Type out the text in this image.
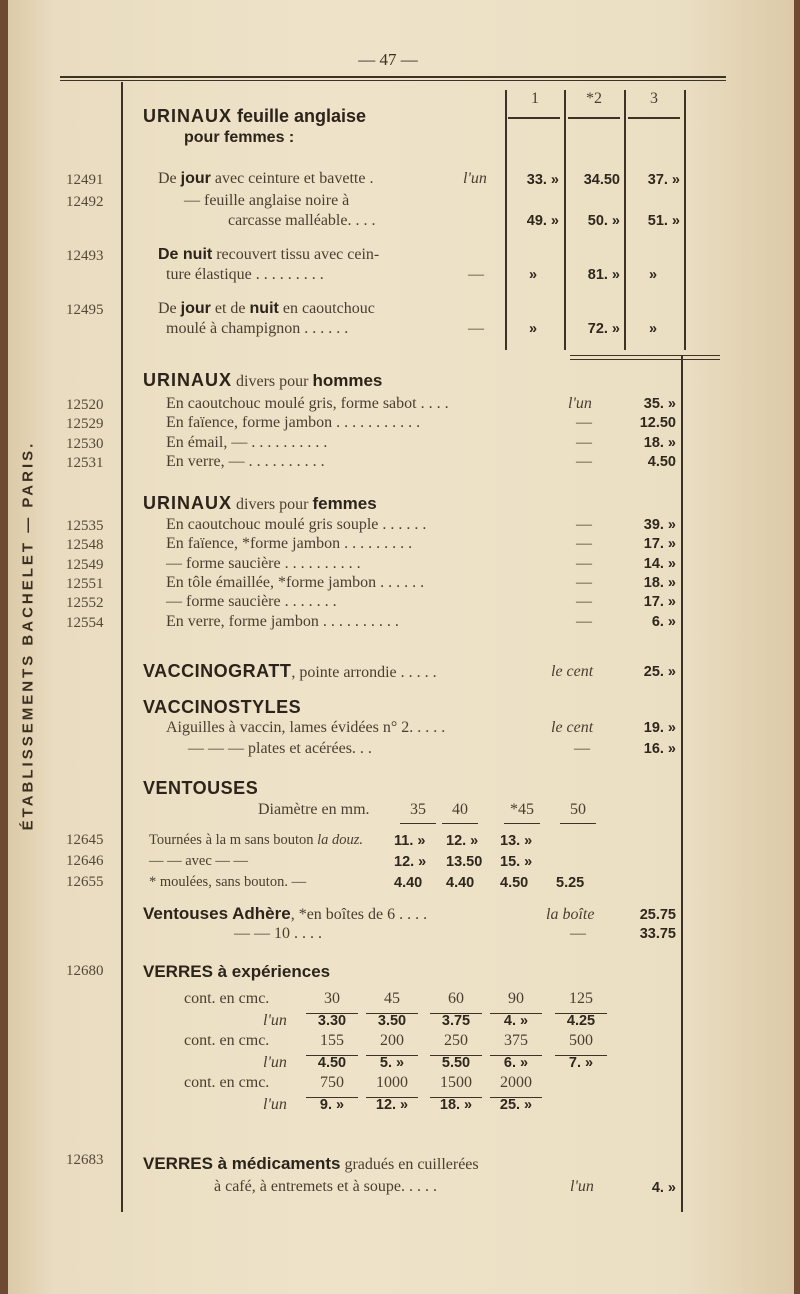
ÉTABLISSEMENTS BACHELET — PARIS.
— 47 —
1	*2	3
URINAUX feuille anglaise
pour femmes :
12491	De jour avec ceinture et bavette .	l'un	33. »	34.50	37. »
12492	— feuille anglaise noire à
carcasse malléable. . . .	49. »	50. »	51. »
12493	De nuit recouvert tissu avec cein-
ture élastique . . . . . . . . .	—	»	81. »	»
12495	De jour et de nuit en caoutchouc
moulé à champignon . . . . . .	—	»	72. »	»
URINAUX divers pour hommes
12520	En caoutchouc moulé gris, forme sabot . . . .	l'un	35. »
12529	En faïence, forme jambon . . . . . . . . . . .	—	12.50
12530	En émail, — . . . . . . . . . .	—	18. »
12531	En verre, — . . . . . . . . . .	—	4.50
URINAUX divers pour femmes
12535	En caoutchouc moulé gris souple . . . . . .	—	39. »
12548	En faïence, *forme jambon . . . . . . . . .	—	17. »
12549	— forme saucière . . . . . . . . . .	—	14. »
12551	En tôle émaillée, *forme jambon . . . . . .	—	18. »
12552	— forme saucière . . . . . . .	—	17. »
12554	En verre, forme jambon . . . . . . . . . .	—	6. »
VACCINOGRATT, pointe arrondie . . . . .	le cent	25. »
VACCINOSTYLES
Aiguilles à vaccin, lames évidées n° 2. . . . .	le cent	19. »
— — — plates et acérées. . .	—	16. »
VENTOUSES
Diamètre en mm.	35	40	*45	50
12645	Tournées à la m sans bouton la douz. 11. » 12. » 13. »
12646	— — avec — —	12. » 13.50 15. »
12655	* moulées, sans bouton. —	4.40 4.40 4.50 5.25
Ventouses Adhère, *en boîtes de 6 . . . .	la boîte	25.75
— — 10 . . . .	—	33.75
12680 VERRES à expériences
cont. en cmc.	30	45	60	90	125
l'un	3.30	3.50	3.75	4. »	4.25
cont. en cmc.	155	200	250	375	500
l'un	4.50	5. »	5.50	6. »	7. »
cont. en cmc.	750	1000	1500	2000
l'un	9. »	12. »	18. »	25. »
12683 VERRES à médicaments gradués en cuillerées
à café, à entremets et à soupe. . . . .	l'un	4. »
